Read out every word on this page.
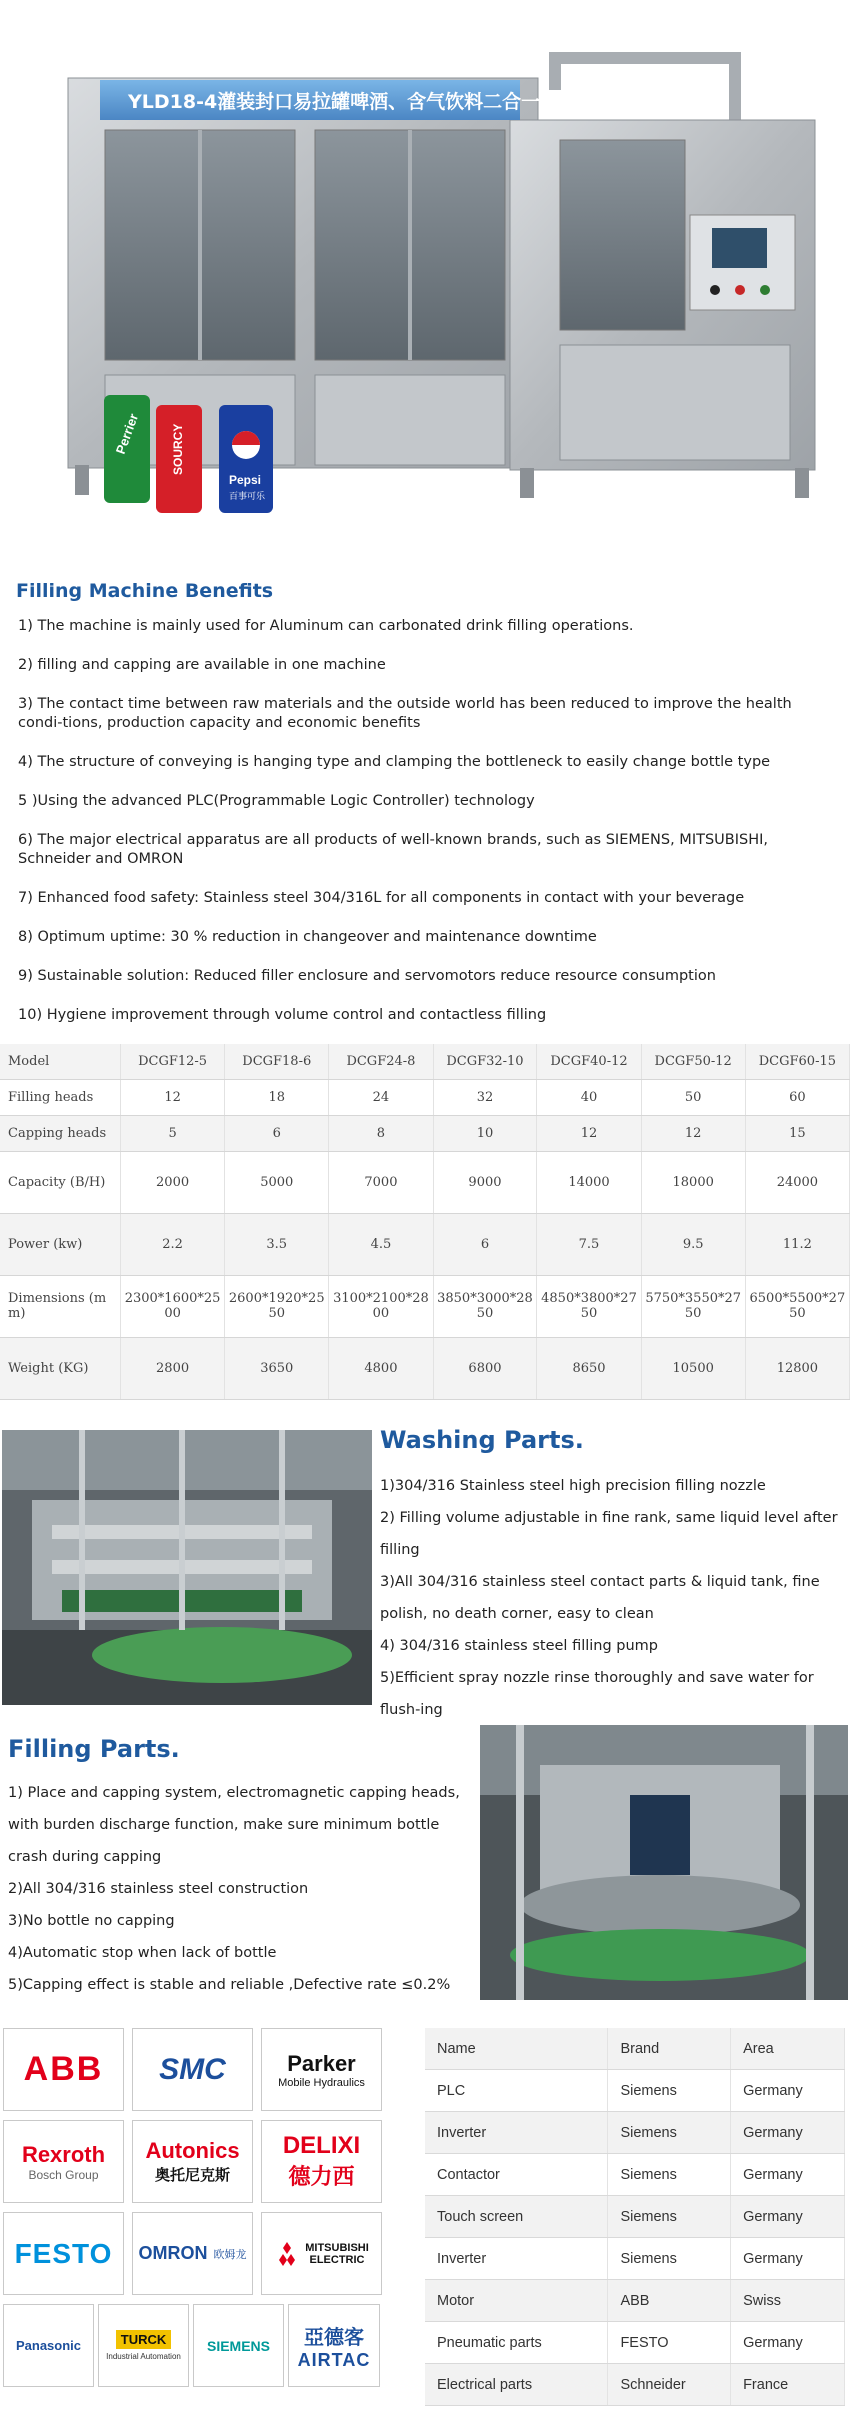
Perrier SOURCY
Pepsi
百事可乐
YLD18-4灌装封口易拉罐啤酒、含气饮料二合一
Filling Machine Benefits
1) The machine is mainly used for Aluminum can carbonated drink filling operations.
2) filling and capping are available in one machine
3) The contact time between raw materials and the outside world has been reduced to improve the health condi-tions, production capacity and economic benefits
4) The structure of conveying is hanging type and clamping the bottleneck to easily change bottle type
5 )Using the advanced PLC(Programmable Logic Controller) technology
6) The major electrical apparatus are all products of well-known brands, such as SIEMENS, MITSUBISHI, Schneider and OMRON
7) Enhanced food safety: Stainless steel 304/316L for all components in contact with your beverage
8) Optimum uptime: 30 % reduction in changeover and maintenance downtime
9) Sustainable solution: Reduced filler enclosure and servomotors reduce resource consumption
10) Hygiene improvement through volume control and contactless filling
Model	DCGF12-5	DCGF18-6	DCGF24-8	DCGF32-10	DCGF40-12	DCGF50-12	DCGF60-15
Filling heads	12	18	24	32	40	50	60
Capping heads	5	6	8	10	12	12	15
Capacity (B/H)	2000	5000	7000	9000	14000	18000	24000
Power (kw)	2.2	3.5	4.5	6	7.5	9.5	11.2
Dimensions (mm)	2300*1600*2500	2600*1920*2550	3100*2100*2800	3850*3000*2850	4850*3800*2750	5750*3550*2750	6500*5500*2750
Weight (KG)	2800	3650	4800	6800	8650	10500	12800
Washing Parts.
1)304/316 Stainless steel high precision filling nozzle
2) Filling volume adjustable in fine rank, same liquid level after filling
3)All 304/316 stainless steel contact parts & liquid tank, fine polish, no death corner, easy to clean
4) 304/316 stainless steel filling pump
5)Efficient spray nozzle rinse thoroughly and save water for flush-ing
Filling Parts.
1) Place and capping system, electromagnetic capping heads, with burden discharge function, make sure minimum bottle crash during capping
2)All 304/316 stainless steel construction
3)No bottle no capping
4)Automatic stop when lack of bottle
5)Capping effect is stable and reliable ,Defective rate ≤0.2%
ABB SMC	Parker
Mobile Hydraulics
Rexroth
Bosch Group
Autonics
奥托尼克斯
DELIXI
德力西
FESTO OMRON 欧姆龙	MITSUBISHI
ELECTRIC
Panasonic	TURCK
Industrial Automation
SIEMENS 亞德客
AIRTAC
Name	Brand	Area
PLC	Siemens	Germany
Inverter	Siemens	Germany
Contactor	Siemens	Germany
Touch screen	Siemens	Germany
Inverter	Siemens	Germany
Motor	ABB	Swiss
Pneumatic parts	FESTO	Germany
Electrical parts	Schneider	France
